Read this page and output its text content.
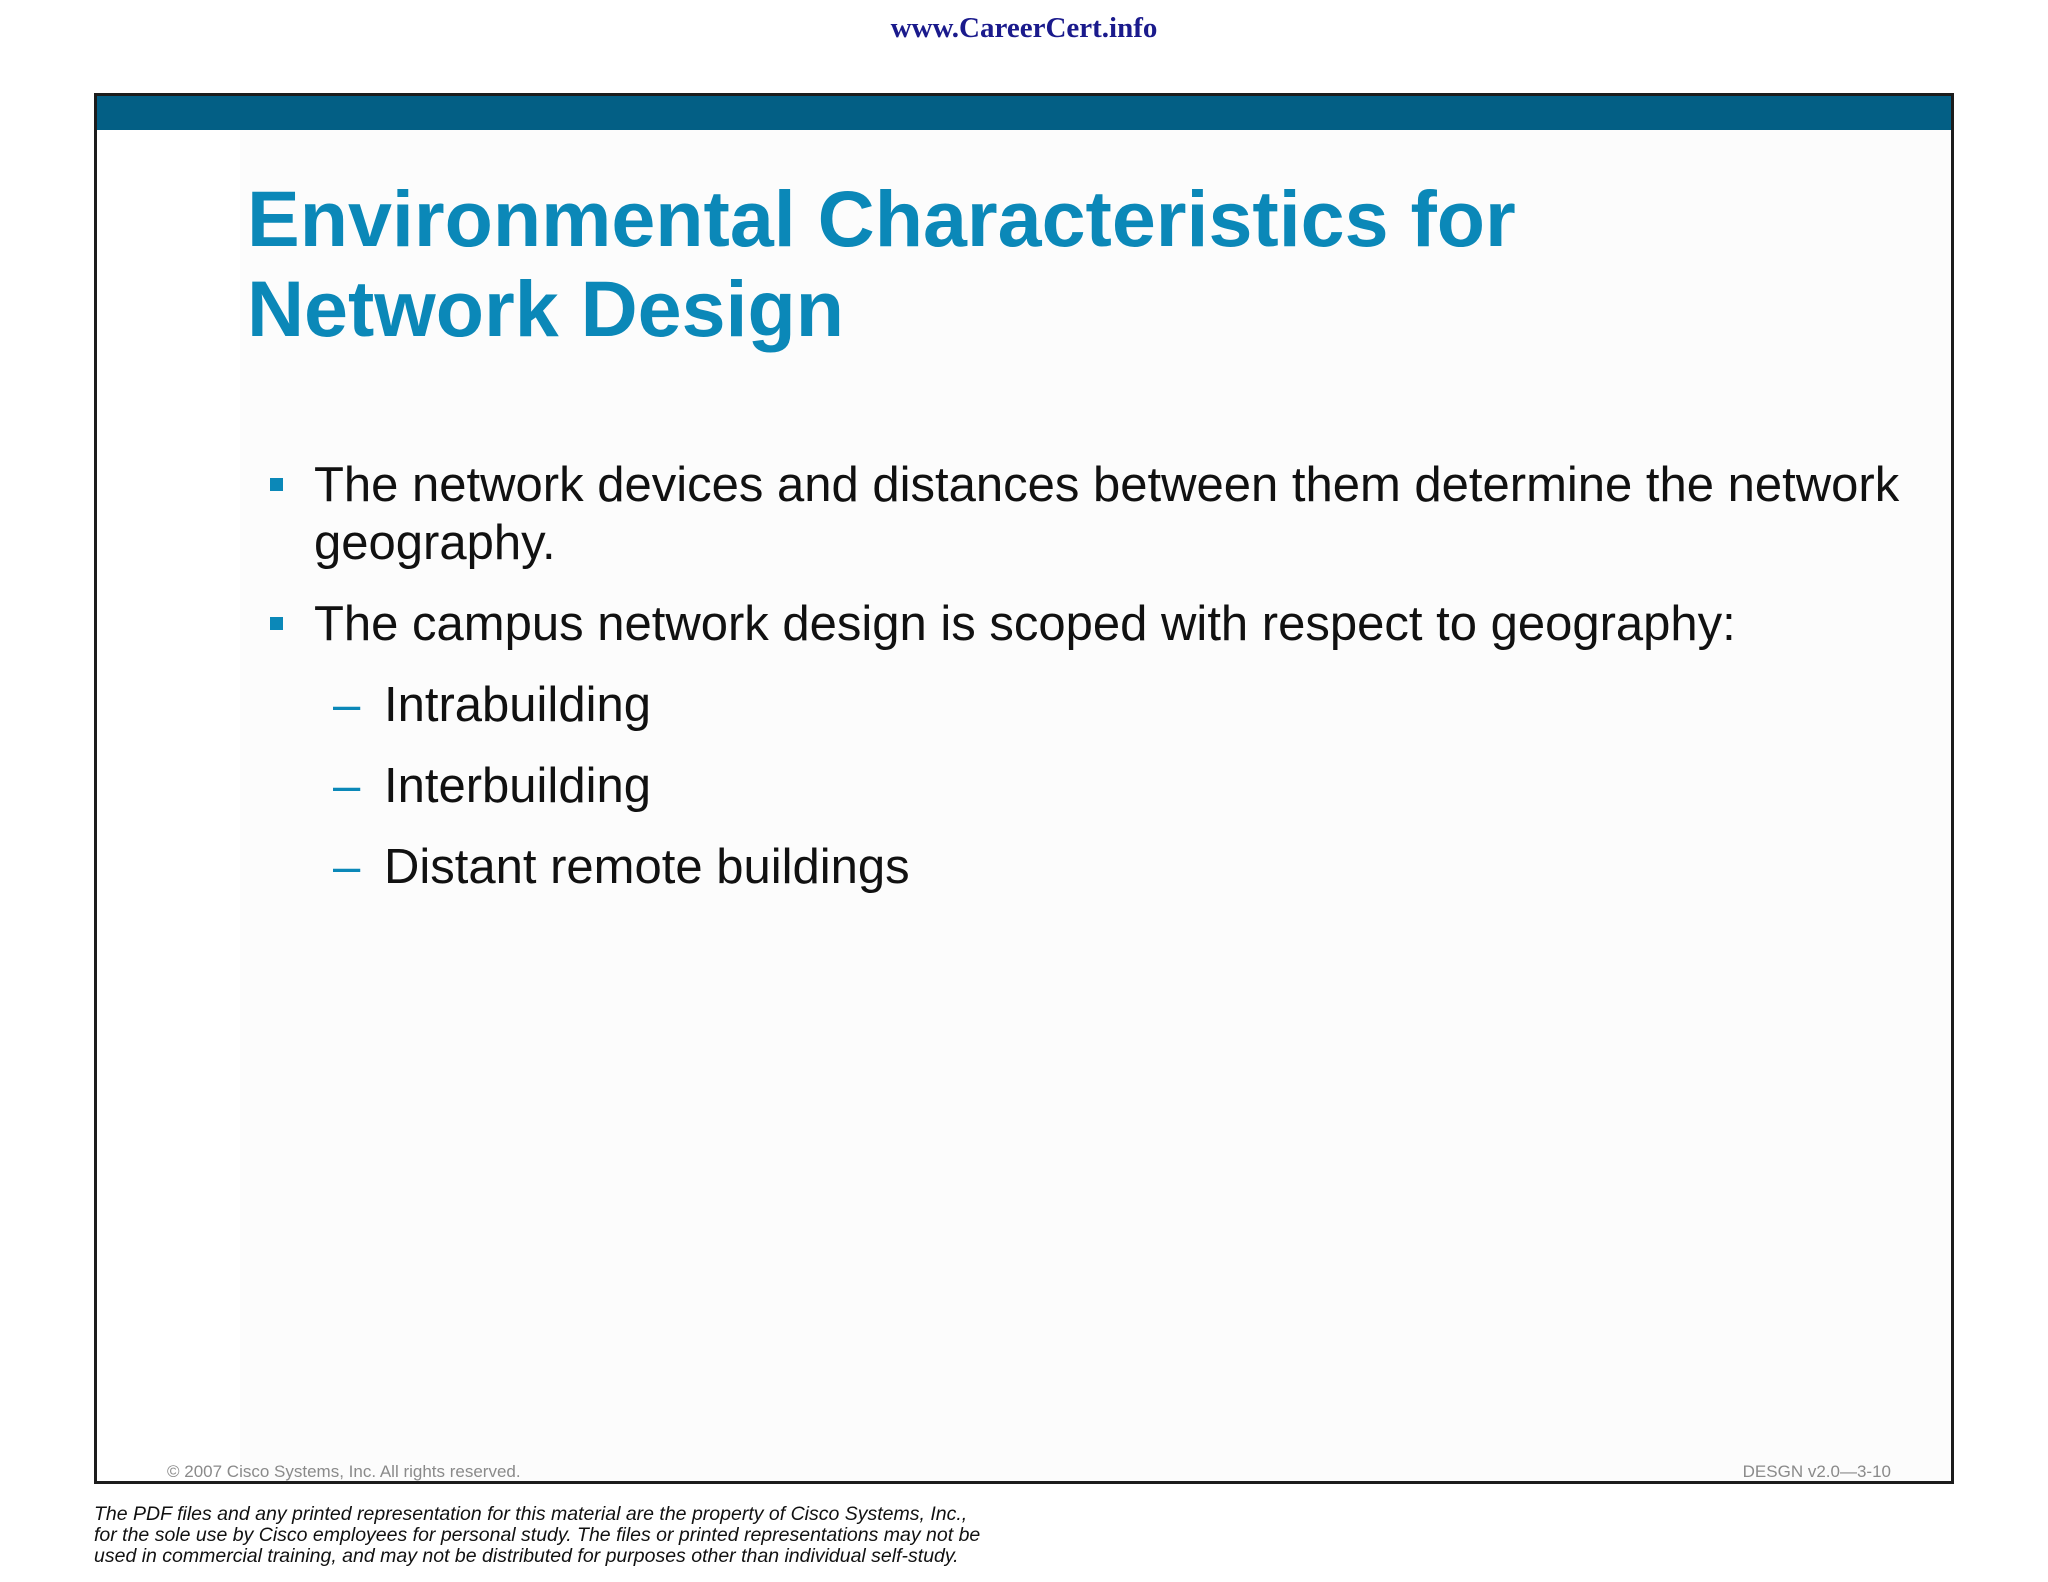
www.CareerCert.info
Environmental Characteristics for Network Design
The network devices and distances between them determine the network geography.
The campus network design is scoped with respect to geography:
– Intrabuilding
– Interbuilding
– Distant remote buildings
© 2007 Cisco Systems, Inc. All rights reserved.	DESGN v2.0—3-10
The PDF files and any printed representation for this material are the property of Cisco Systems, Inc.,
for the sole use by Cisco employees for personal study. The files or printed representations may not be
used in commercial training, and may not be distributed for purposes other than individual self-study.
